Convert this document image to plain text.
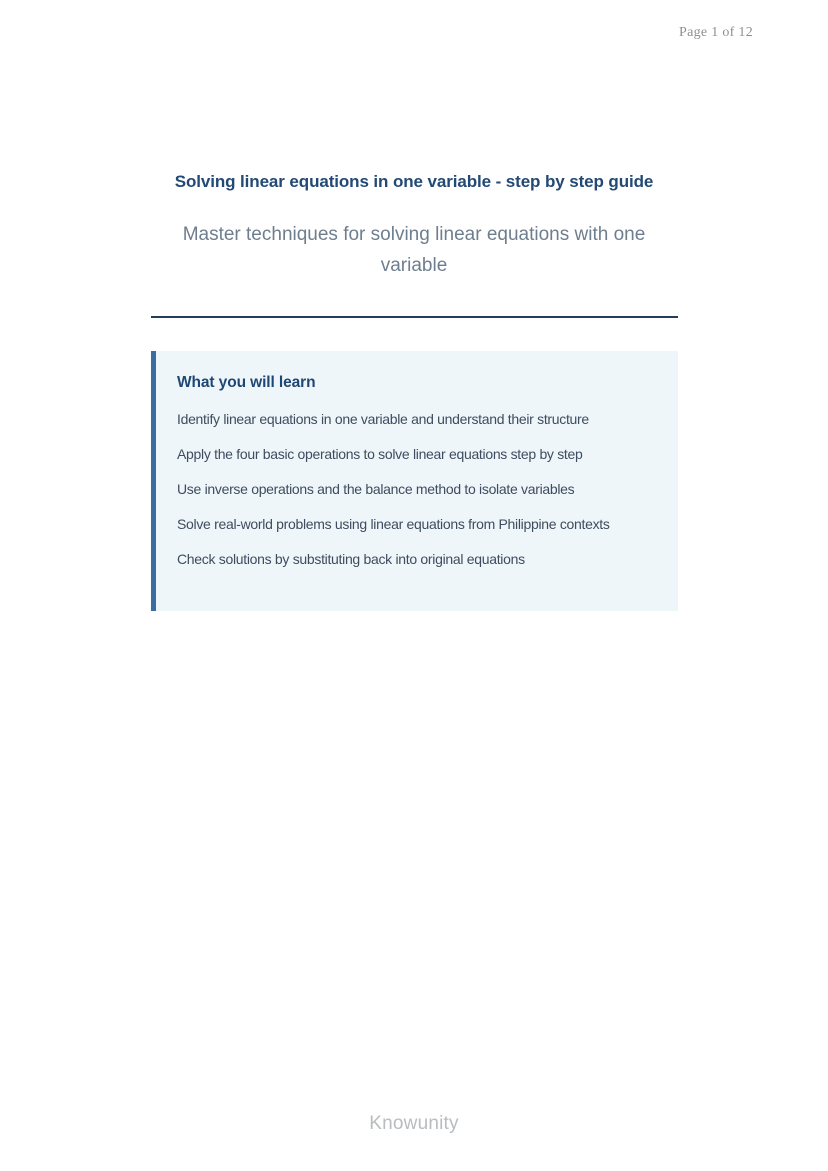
Page 1 of 12
Solving linear equations in one variable - step by step guide

Master techniques for solving linear equations with one variable

What you will learn
Identify linear equations in one variable and understand their structure
Apply the four basic operations to solve linear equations step by step
Use inverse operations and the balance method to isolate variables
Solve real-world problems using linear equations from Philippine contexts
Check solutions by substituting back into original equations
Knowunity
